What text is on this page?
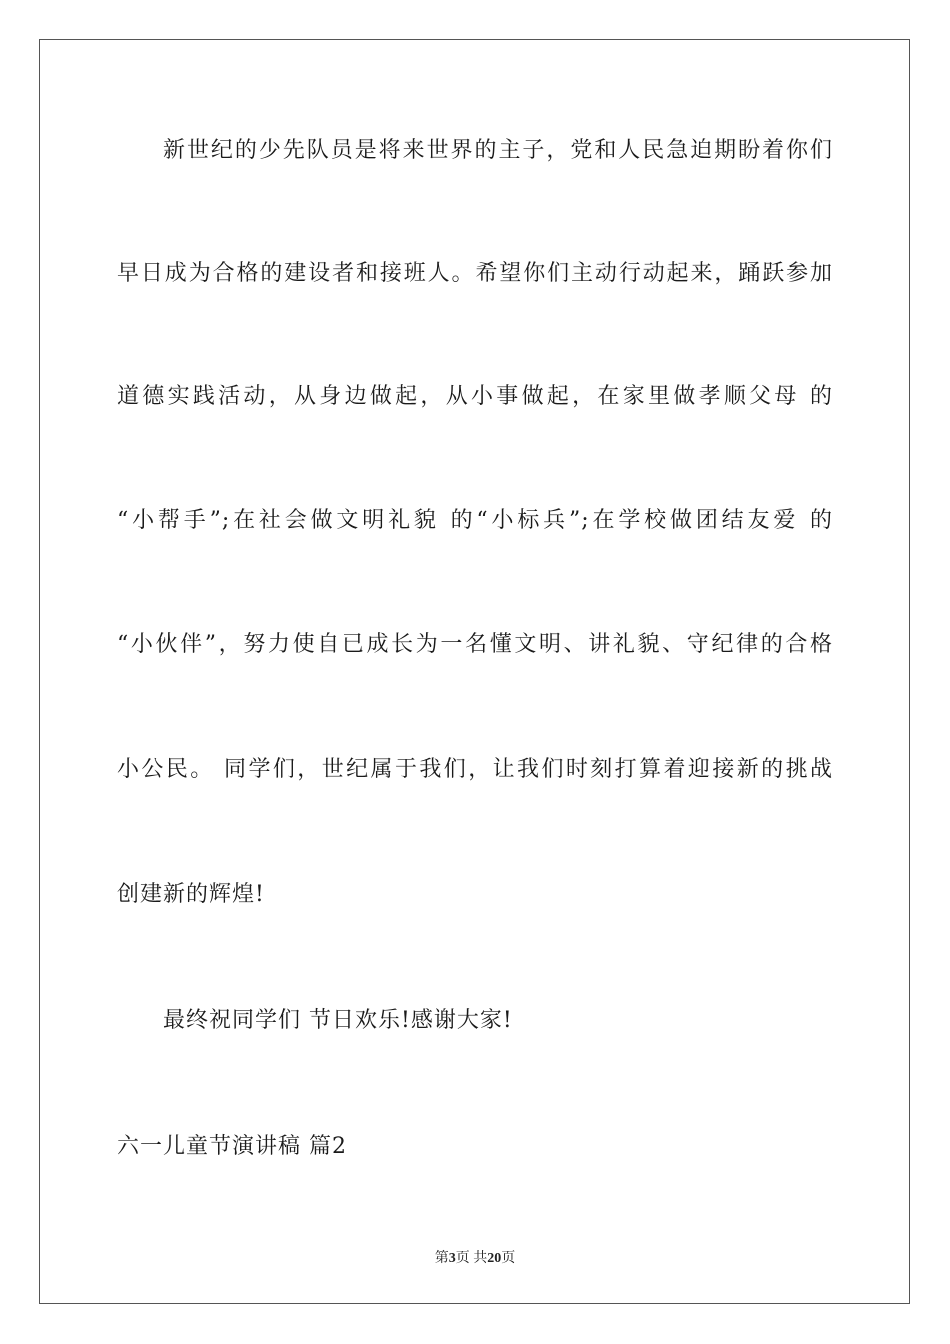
新世纪的少先队员是将来世界的主子，党和人民急迫期盼着你们
早日成为合格的建设者和接班人。希望你们主动行动起来，踊跃参加
道德实践活动，从身边做起，从小事做起，在家里做孝顺父母 的
“小帮手”;在社会做文明礼貌 的“小标兵”;在学校做团结友爱 的
“小伙伴”，努力使自已成长为一名懂文明、讲礼貌、守纪律的合格
小公民。 同学们，世纪属于我们，让我们时刻打算着迎接新的挑战
创建新的辉煌!
最终祝同学们 节日欢乐!感谢大家!
六一儿童节演讲稿 篇2
第3页 共20页
